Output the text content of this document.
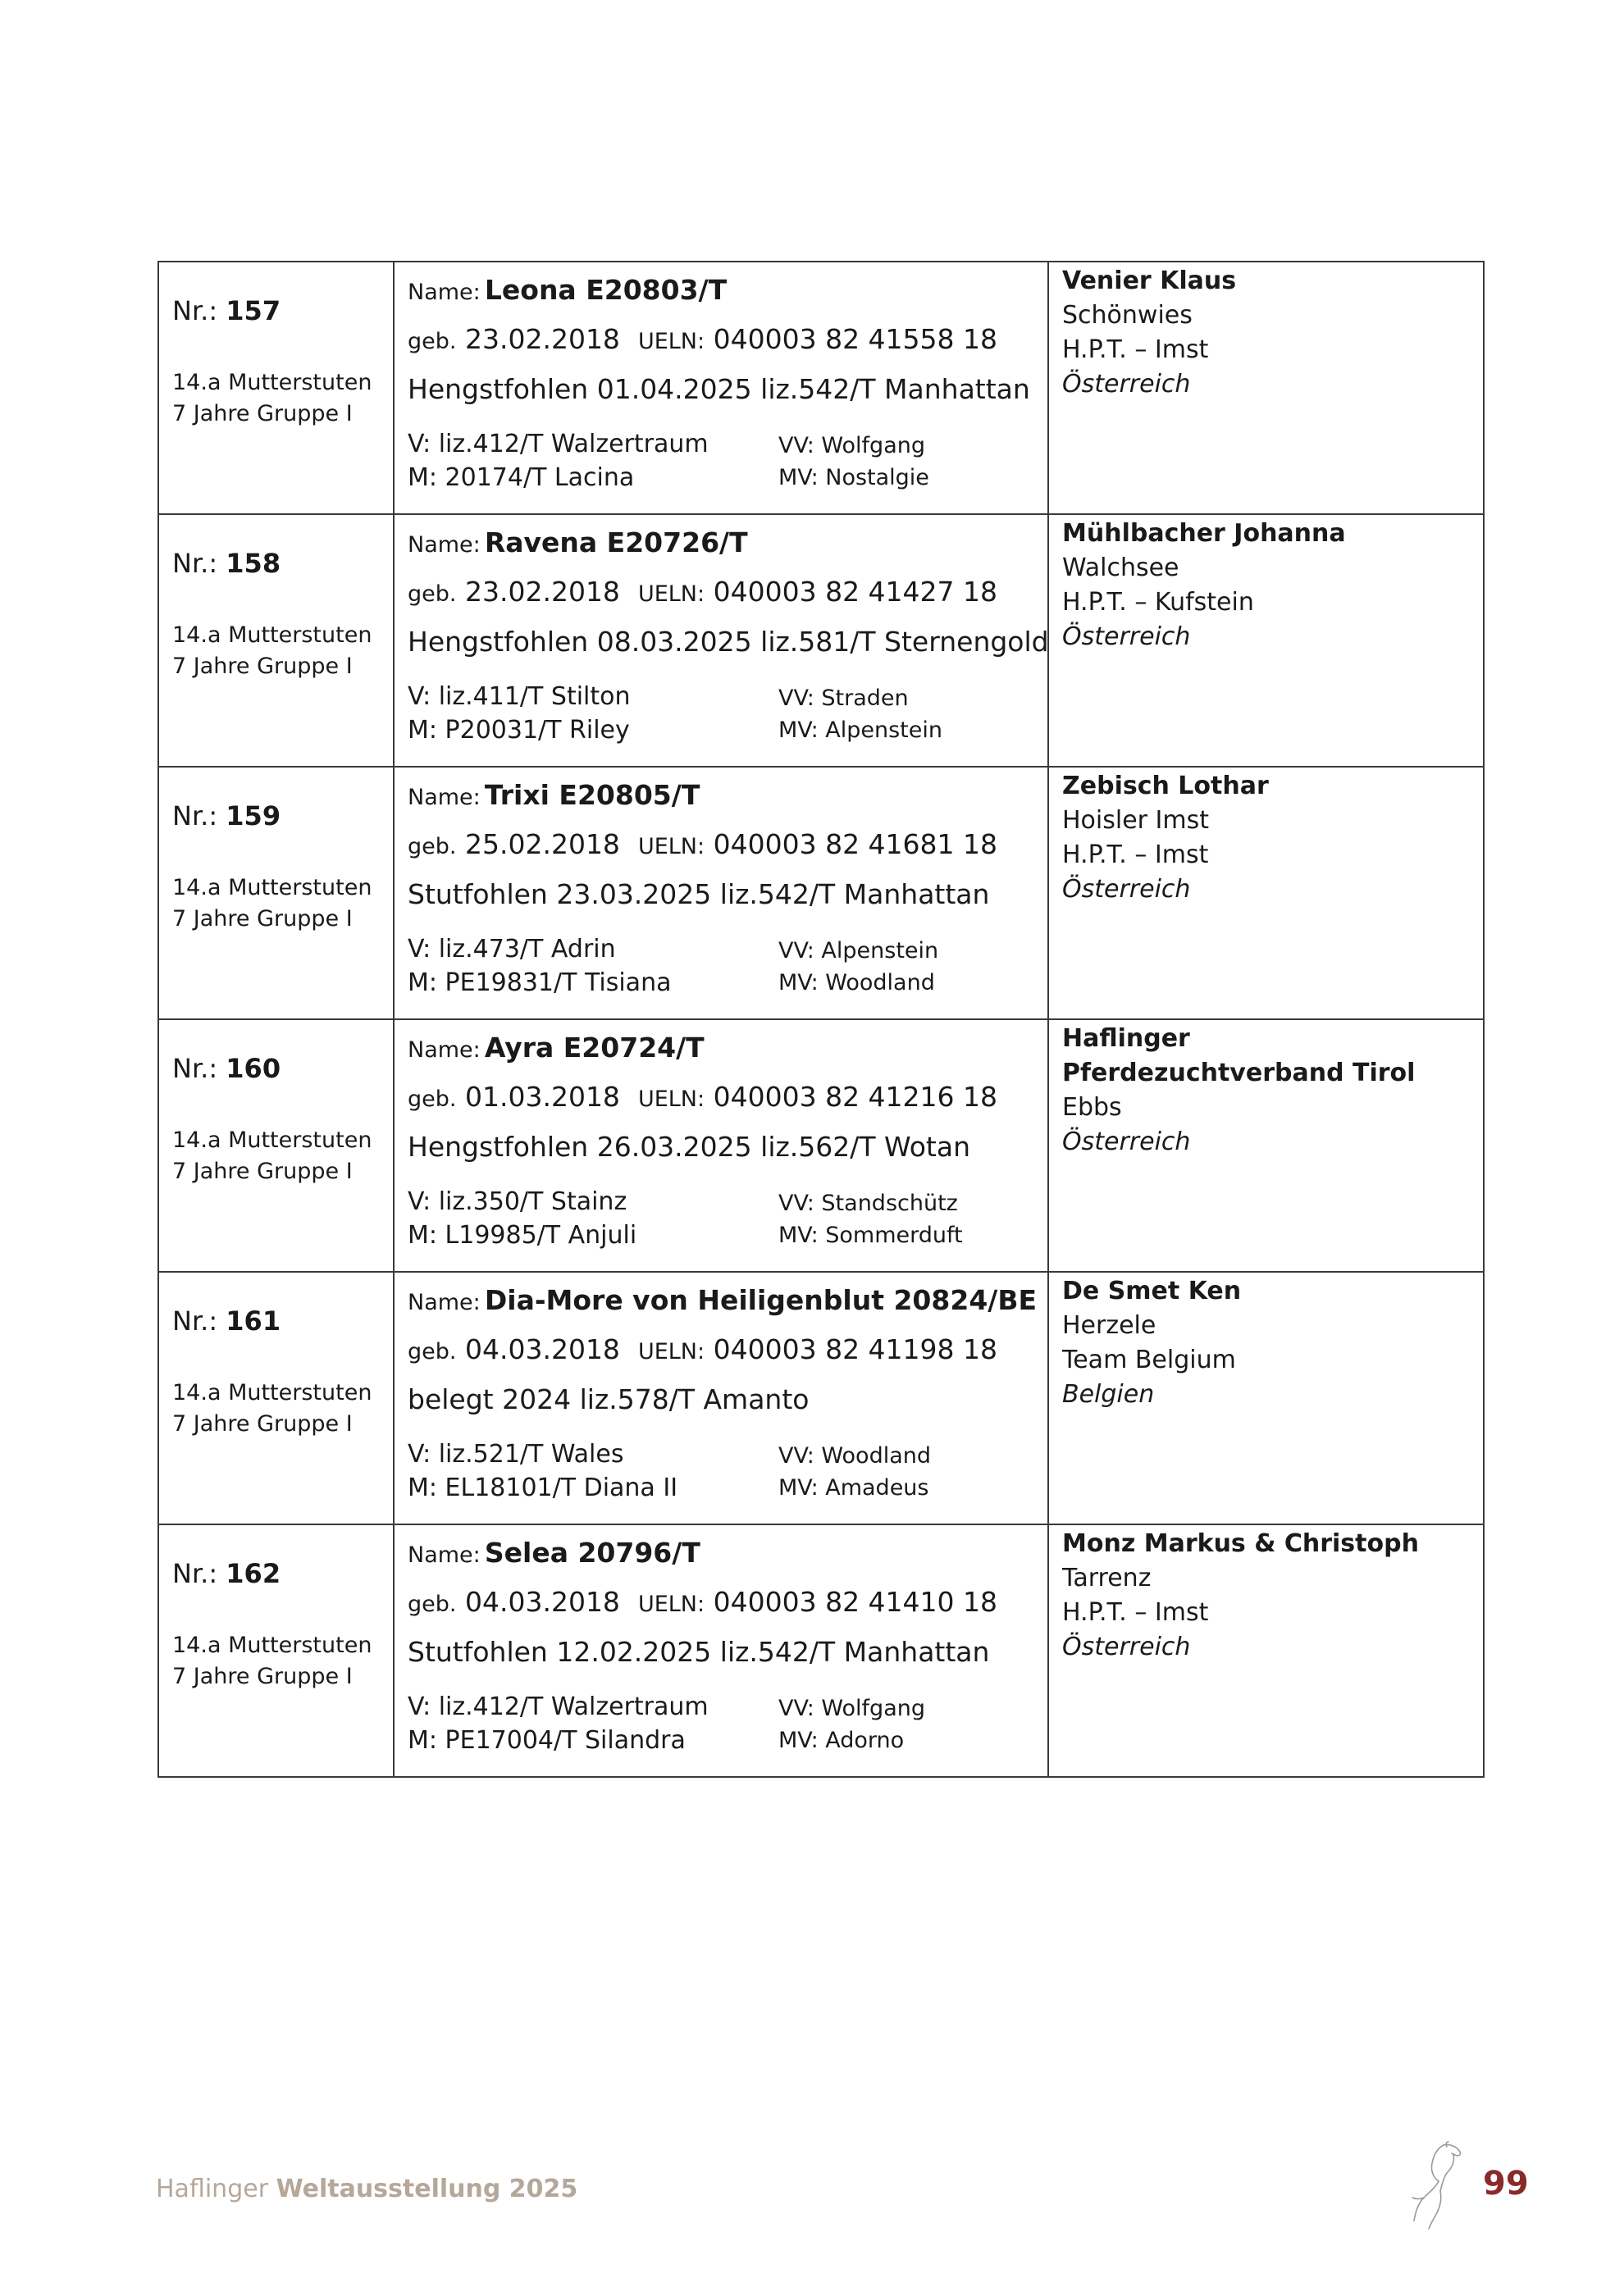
Nr.: 157
14.a Mutterstuten
7 Jahre Gruppe I
Name: Leona E20803/T
geb. 23.02.2018 UELN: 040003 82 41558 18
Hengstfohlen 01.04.2025 liz.542/T Manhattan
V: liz.412/T Walzertraum
M: 20174/T Lacina
VV: Wolfgang
MV: Nostalgie
Venier Klaus
Schönwies
H.P.T. – Imst
Österreich
Nr.: 158
14.a Mutterstuten
7 Jahre Gruppe I
Name: Ravena E20726/T
geb. 23.02.2018 UELN: 040003 82 41427 18
Hengstfohlen 08.03.2025 liz.581/T Sternengold
V: liz.411/T Stilton
M: P20031/T Riley
VV: Straden
MV: Alpenstein
Mühlbacher Johanna
Walchsee
H.P.T. – Kufstein
Österreich
Nr.: 159
14.a Mutterstuten
7 Jahre Gruppe I
Name: Trixi E20805/T
geb. 25.02.2018 UELN: 040003 82 41681 18
Stutfohlen 23.03.2025 liz.542/T Manhattan
V: liz.473/T Adrin
M: PE19831/T Tisiana
VV: Alpenstein
MV: Woodland
Zebisch Lothar
Hoisler Imst
H.P.T. – Imst
Österreich
Nr.: 160
14.a Mutterstuten
7 Jahre Gruppe I
Name: Ayra E20724/T
geb. 01.03.2018 UELN: 040003 82 41216 18
Hengstfohlen 26.03.2025 liz.562/T Wotan
V: liz.350/T Stainz
M: L19985/T Anjuli
VV: Standschütz
MV: Sommerduft
Haflinger Pferdezuchtverband Tirol
Ebbs
Österreich
Nr.: 161
14.a Mutterstuten
7 Jahre Gruppe I
Name: Dia-More von Heiligenblut 20824/BE
geb. 04.03.2018 UELN: 040003 82 41198 18
belegt 2024 liz.578/T Amanto
V: liz.521/T Wales
M: EL18101/T Diana II
VV: Woodland
MV: Amadeus
De Smet Ken
Herzele
Team Belgium
Belgien
Nr.: 162
14.a Mutterstuten
7 Jahre Gruppe I
Name: Selea 20796/T
geb. 04.03.2018 UELN: 040003 82 41410 18
Stutfohlen 12.02.2025 liz.542/T Manhattan
V: liz.412/T Walzertraum
M: PE17004/T Silandra
VV: Wolfgang
MV: Adorno
Monz Markus & Christoph
Tarrenz
H.P.T. – Imst
Österreich
Haflinger Weltausstellung 2025	99
